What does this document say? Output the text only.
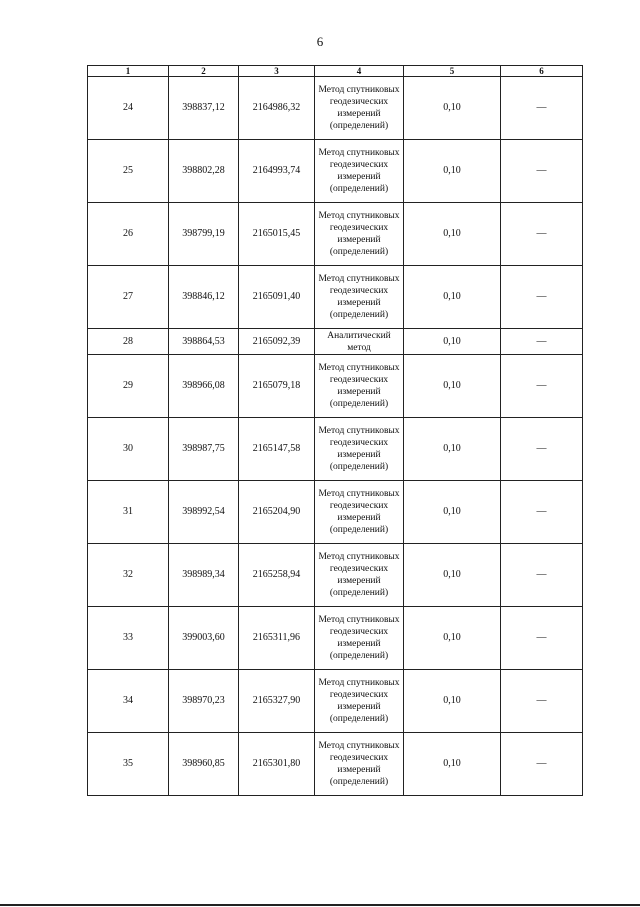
6
1	2	3	4	5	6
24	398837,12	2164986,32	Метод спутниковых геодезических измерений (определений)	0,10	—
25	398802,28	2164993,74	Метод спутниковых геодезических измерений (определений)	0,10	—
26	398799,19	2165015,45	Метод спутниковых геодезических измерений (определений)	0,10	—
27	398846,12	2165091,40	Метод спутниковых геодезических измерений (определений)	0,10	—
28	398864,53	2165092,39	Аналитический метод	0,10	—
29	398966,08	2165079,18	Метод спутниковых геодезических измерений (определений)	0,10	—
30	398987,75	2165147,58	Метод спутниковых геодезических измерений (определений)	0,10	—
31	398992,54	2165204,90	Метод спутниковых геодезических измерений (определений)	0,10	—
32	398989,34	2165258,94	Метод спутниковых геодезических измерений (определений)	0,10	—
33	399003,60	2165311,96	Метод спутниковых геодезических измерений (определений)	0,10	—
34	398970,23	2165327,90	Метод спутниковых геодезических измерений (определений)	0,10	—
35	398960,85	2165301,80	Метод спутниковых геодезических измерений (определений)	0,10	—
